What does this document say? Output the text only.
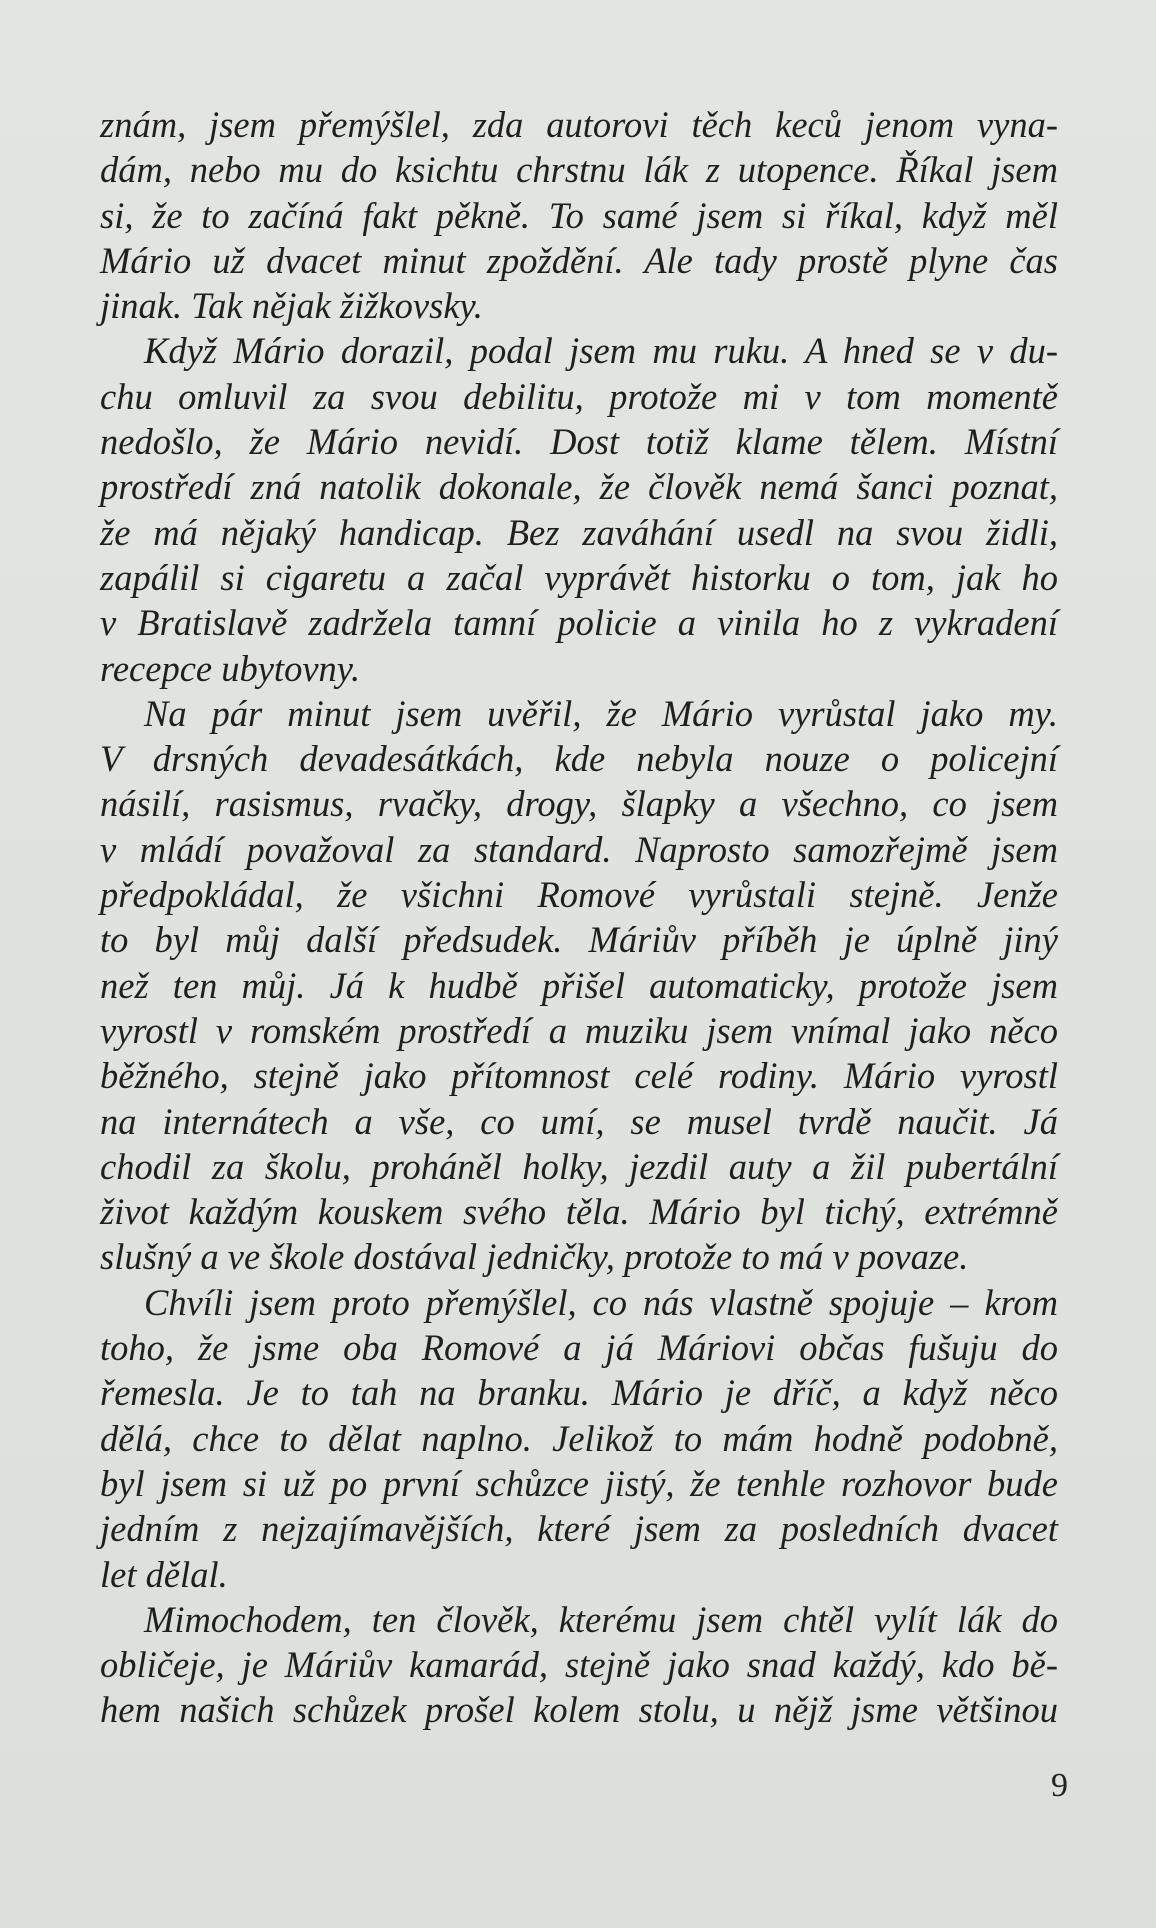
znám, jsem přemýšlel, zda autorovi těch keců jenom vyna-
dám, nebo mu do ksichtu chrstnu lák z utopence. Říkal jsem
si, že to začíná fakt pěkně. To samé jsem si říkal, když měl
Mário už dvacet minut zpoždění. Ale tady prostě plyne čas
jinak. Tak nějak žižkovsky.
Když Mário dorazil, podal jsem mu ruku. A hned se v du-
chu omluvil za svou debilitu, protože mi v tom momentě
nedošlo, že Mário nevidí. Dost totiž klame tělem. Místní
prostředí zná natolik dokonale, že člověk nemá šanci poznat,
že má nějaký handicap. Bez zaváhání usedl na svou židli,
zapálil si cigaretu a začal vyprávět historku o tom, jak ho
v Bratislavě zadržela tamní policie a vinila ho z vykradení
recepce ubytovny.
Na pár minut jsem uvěřil, že Mário vyrůstal jako my.
V drsných devadesátkách, kde nebyla nouze o policejní
násilí, rasismus, rvačky, drogy, šlapky a všechno, co jsem
v mládí považoval za standard. Naprosto samozřejmě jsem
předpokládal, že všichni Romové vyrůstali stejně. Jenže
to byl můj další předsudek. Máriův příběh je úplně jiný
než ten můj. Já k hudbě přišel automaticky, protože jsem
vyrostl v romském prostředí a muziku jsem vnímal jako něco
běžného, stejně jako přítomnost celé rodiny. Mário vyrostl
na internátech a vše, co umí, se musel tvrdě naučit. Já
chodil za školu, proháněl holky, jezdil auty a žil pubertální
život každým kouskem svého těla. Mário byl tichý, extrémně
slušný a ve škole dostával jedničky, protože to má v povaze.
Chvíli jsem proto přemýšlel, co nás vlastně spojuje – krom
toho, že jsme oba Romové a já Máriovi občas fušuju do
řemesla. Je to tah na branku. Mário je dříč, a když něco
dělá, chce to dělat naplno. Jelikož to mám hodně podobně,
byl jsem si už po první schůzce jistý, že tenhle rozhovor bude
jedním z nejzajímavějších, které jsem za posledních dvacet
let dělal.
Mimochodem, ten člověk, kterému jsem chtěl vylít lák do
obličeje, je Máriův kamarád, stejně jako snad každý, kdo bě-
hem našich schůzek prošel kolem stolu, u nějž jsme většinou
9
